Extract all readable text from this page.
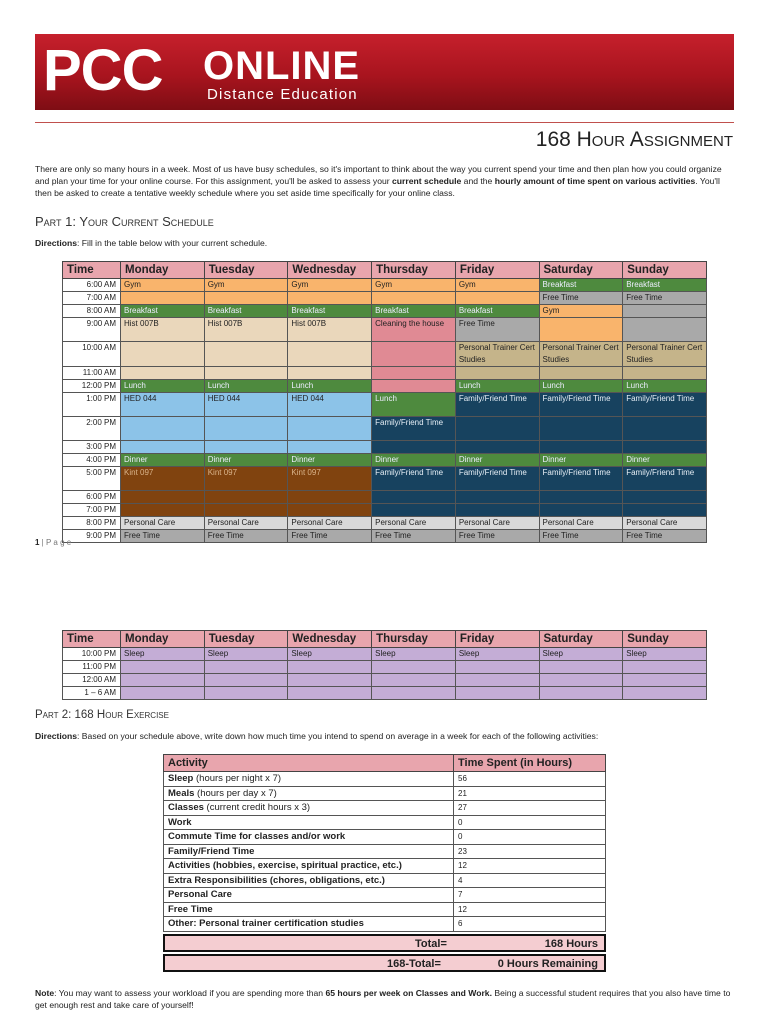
PCC ONLINE
Distance Education
168 Hour Assignment

There are only so many hours in a week. Most of us have busy schedules, so it's important to think about the way you current spend your time and then plan how you could organize and plan your time for your online course. For this assignment, you'll be asked to assess your current schedule and the hourly amount of time spent on various activities. You'll then be asked to create a tentative weekly schedule where you set aside time specifically for your online class.

Part 1: Your Current Schedule

Directions: Fill in the table below with your current schedule.

Time	Monday	Tuesday	Wednesday	Thursday	Friday	Saturday	Sunday
6:00 AM	Gym	Gym	Gym	Gym	Gym	Breakfast	Breakfast
7:00 AM						Free Time	Free Time
8:00 AM	Breakfast	Breakfast	Breakfast	Breakfast	Breakfast	Gym	
9:00 AM	Hist 007B	Hist 007B	Hist 007B	Cleaning the house	Free Time		
10:00 AM					Personal Trainer Cert Studies	Personal Trainer Cert Studies	Personal Trainer Cert Studies
11:00 AM							
12:00 PM	Lunch	Lunch	Lunch		Lunch	Lunch	Lunch
1:00 PM	HED 044	HED 044	HED 044	Lunch	Family/Friend Time	Family/Friend Time	Family/Friend Time
2:00 PM				Family/Friend Time			
3:00 PM							
4:00 PM	Dinner	Dinner	Dinner	Dinner	Dinner	Dinner	Dinner
5:00 PM	Kint 097	Kint 097	Kint 097	Family/Friend Time	Family/Friend Time	Family/Friend Time	Family/Friend Time
6:00 PM							
7:00 PM							
8:00 PM	Personal Care	Personal Care	Personal Care	Personal Care	Personal Care	Personal Care	Personal Care
9:00 PM	Free Time	Free Time	Free Time	Free Time	Free Time	Free Time	Free Time
1 | P a g e
Time	Monday	Tuesday	Wednesday	Thursday	Friday	Saturday	Sunday
10:00 PM	Sleep	Sleep	Sleep	Sleep	Sleep	Sleep	Sleep
11:00 PM							
12:00 AM							
1 – 6 AM							
Part 2: 168 Hour Exercise

Directions: Based on your schedule above, write down how much time you intend to spend on average in a week for each of the following activities:

Activity	Time Spent (in Hours)
Sleep (hours per night x 7)	56
Meals (hours per day x 7)	21
Classes (current credit hours x 3)	27
Work	0
Commute Time for classes and/or work	0
Family/Friend Time	23
Activities (hobbies, exercise, spiritual practice, etc.)	12
Extra Responsibilities (chores, obligations, etc.)	4
Personal Care	7
Free Time	12
Other: Personal trainer certification studies	6
Total=	168 Hours
168-Total=	0 Hours Remaining

Note: You may want to assess your workload if you are spending more than 65 hours per week on Classes and Work. Being a successful student requires that you also have time to get enough rest and take care of yourself!
